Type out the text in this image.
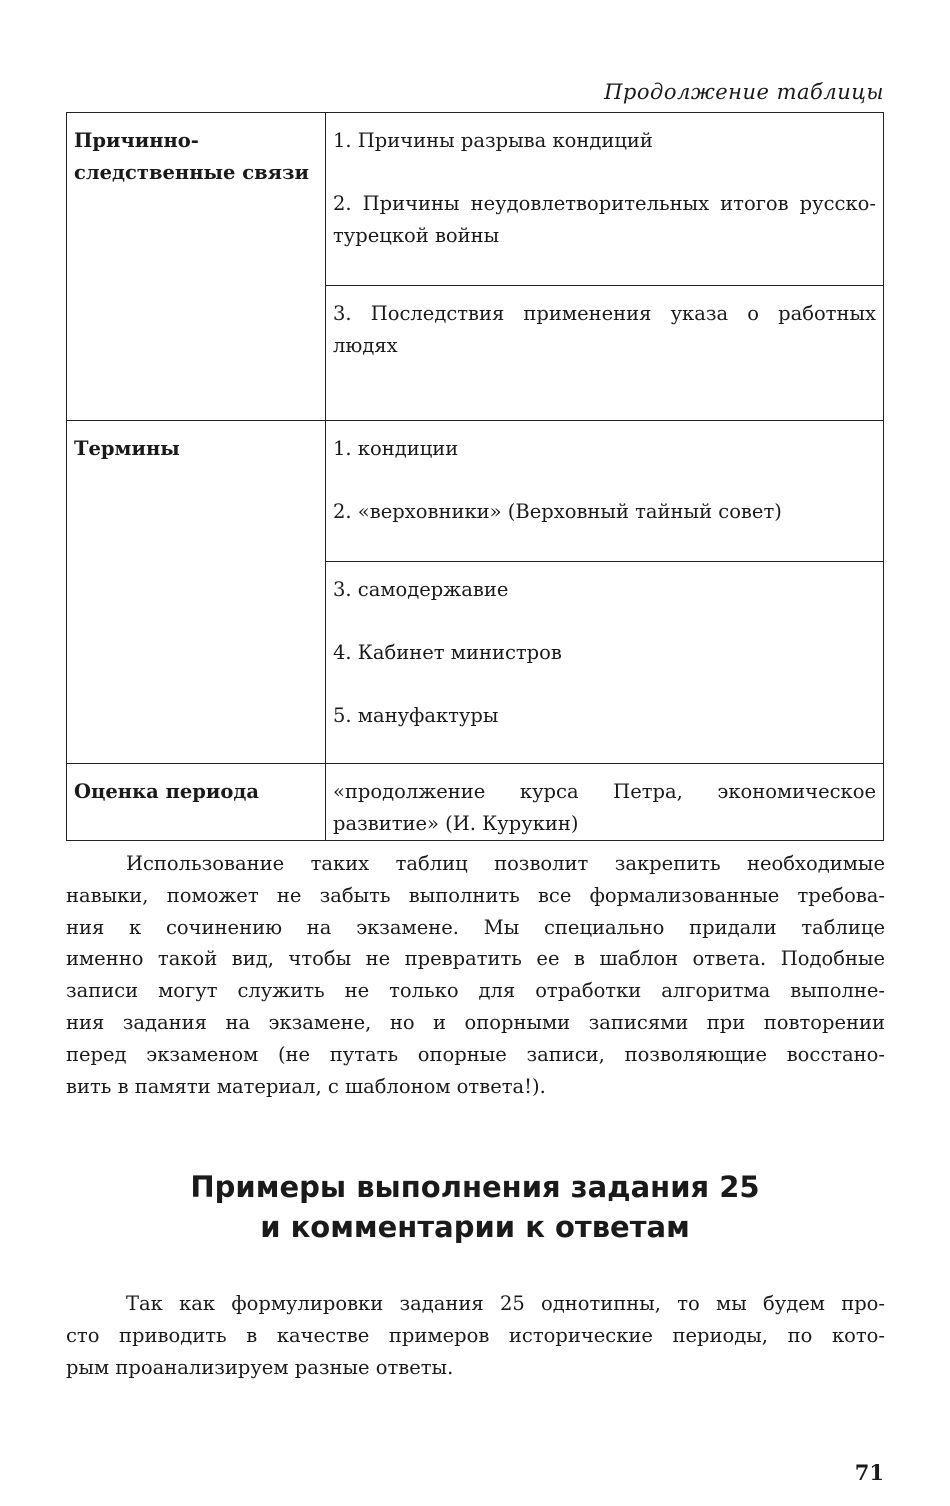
Продолжение таблицы
Причинно-следственные связи	1. Причины разрыва кондиций

2. Причины неудовлетворительных итогов русско-турецкой войны

	3. Последствия применения указа о работных людях

Термины	1. кондиции

2. «верховники» (Верховный тайный совет)

	3. самодержавие

4. Кабинет министров

5. мануфактуры

Оценка периода	«продолжение курса Петра, экономическое развитие» (И. Курукин)

Использование таких таблиц позволит закрепить необходимые
навыки, поможет не забыть выполнить все формализованные требова-
ния к сочинению на экзамене. Мы специально придали таблице
именно такой вид, чтобы не превратить ее в шаблон ответа. Подобные
записи могут служить не только для отработки алгоритма выполне-
ния задания на экзамене, но и опорными записями при повторении
перед экзаменом (не путать опорные записи, позволяющие восстано-
вить в памяти материал, с шаблоном ответа!).

Примеры выполнения задания 25
и комментарии к ответам

Так как формулировки задания 25 однотипны, то мы будем про-
сто приводить в качестве примеров исторические периоды, по кото-
рым проанализируем разные ответы.

71
